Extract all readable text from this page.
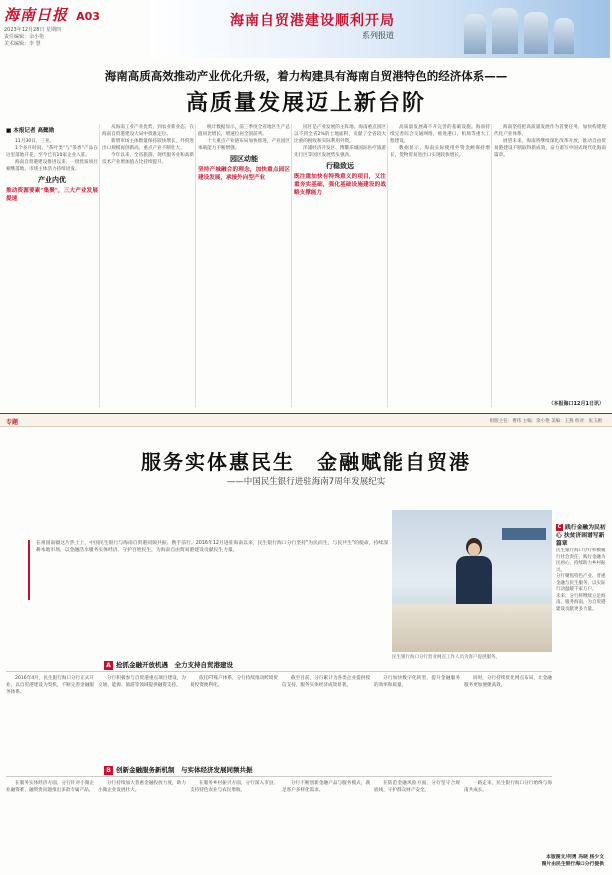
海南日报 A03
2023年12月28日 星期四
责任编辑：余小艳
美术编辑：李 慧
海南自贸港建设顺利开局
系列报道
海南高质高效推动产业优化升级，着力构建具有海南自贸港特色的经济体系——
高质量发展迈上新台阶
■ 本报记者 高懿勋

11月30日，三亚。

1个多月时间，"茶叶类"与"茶香"产品在这里落地开花，至今已有10家企业入驻。

海南自贸港建设推进以来，一批优质项目相继落地，市场主体活力持续迸发。

产业内优
推动资源要素"集聚"，三大产业发展提速

从海南工业产业优势，到农业新业态，在海南自贸港建设大局中找准定位。

新增市场主体数量保持较快增长，外贸进出口规模再创新高，重点产业不断壮大。

今年以来，全省旅游、现代服务业和高新技术产业增加值占比持续提升。

统计数据显示，前三季度全省地区生产总值同比增长，增速位居全国前列。

十大重点产业链布局加快推进，产业园区承载能力不断增强。

园区动能
坚持产城融合的理念，加快重点园区建设发展，承接外向型产业

园区是产业发展的主阵地。海南重点园区以不到全省2%的土地面积，贡献了全省较大比重的税收和实际利用外资。

洋浦经济开发区、博鳌乐城国际医疗旅游先行区等园区发展势头强劲。

行稳致远
既注重加快有特殊意义的项目，又注重夯实基础，强化基础设施建设的战略支撑能力

高质量发展离不开完善的基础设施。海南持续完善综合交通网络，推进港口、机场等重大工程建设。

数据显示，海南实际使用外资金额保持增长，货物贸易进出口实现较快增长。

海南坚持把高质量发展作为首要任务，加快构建现代化产业体系。

展望未来，海南将继续深化改革开放，推动自由贸易港建设不断取得新成效，奋力谱写中国式现代化海南篇章。

（本报海口12月1日讯）
专题	组版主任：曹伟 主编：余小艳 美编：王燕 校对：张玉鸥
服务实体惠民生　金融赋能自贸港
——中国民生银行进驻海南7周年发展纪实
在祖国南疆这片热土上，中国民生银行与海南自贸港同频共振、携手前行。2016年12月进驻海南以来，民生银行海口分行坚持"为民而生，与民共生"的使命，持续深耕本地市场，以金融活水服务实体经济、守护百姓民生，为海南自由贸易港建设贡献民生力量。
C 践行金融为民初心 扶贫济困谱写新篇章
民生银行海口分行营业网点工作人员为客户提供服务。

民生银行海口分行积极履行社会责任，践行金融为民初心，持续助力乡村振兴。

分行聚焦特色产业、普惠金融与民生服务，以实际行动温暖千家万户。

未来，分行将继续立足海南、服务海南，为自贸港建设贡献更多力量。

A 抢抓金融开放机遇　全力支持自贸港建设

2016年4月，民生银行海口分行正式开业，以自贸港建设为契机，不断完善金融服务体系。

分行积极参与自贸港重点项目建设，为交通、能源、旅游等领域提供融资支持。

依托FT账户体系，分行持续推动跨境贸易投资便利化。

截至目前，分行累计为各类企业提供授信支持，服务实体经济成效显著。

分行加快数字化转型，提升金融服务的效率和质量。

同时，分行持续优化网点布局，让金融服务更加便捷高效。

B 创新金融服务新机制　与实体经济发展同频共振

在服务实体经济方面，分行针对小微企业融资难、融资贵问题推出多款专属产品。

分行持续加大普惠金融投放力度，助力小微企业发展壮大。

在服务乡村振兴方面，分行深入市县，支持特色农业与农民增收。

分行不断创新金融产品与服务模式，满足客户多样化需求。

在防范金融风险方面，分行坚守合规底线，守护群众财产安全。

一路走来，民生银行海口分行始终与海南共成长。

本版图文/何勇 冯晓 杨少文
图片由民生银行海口分行提供
